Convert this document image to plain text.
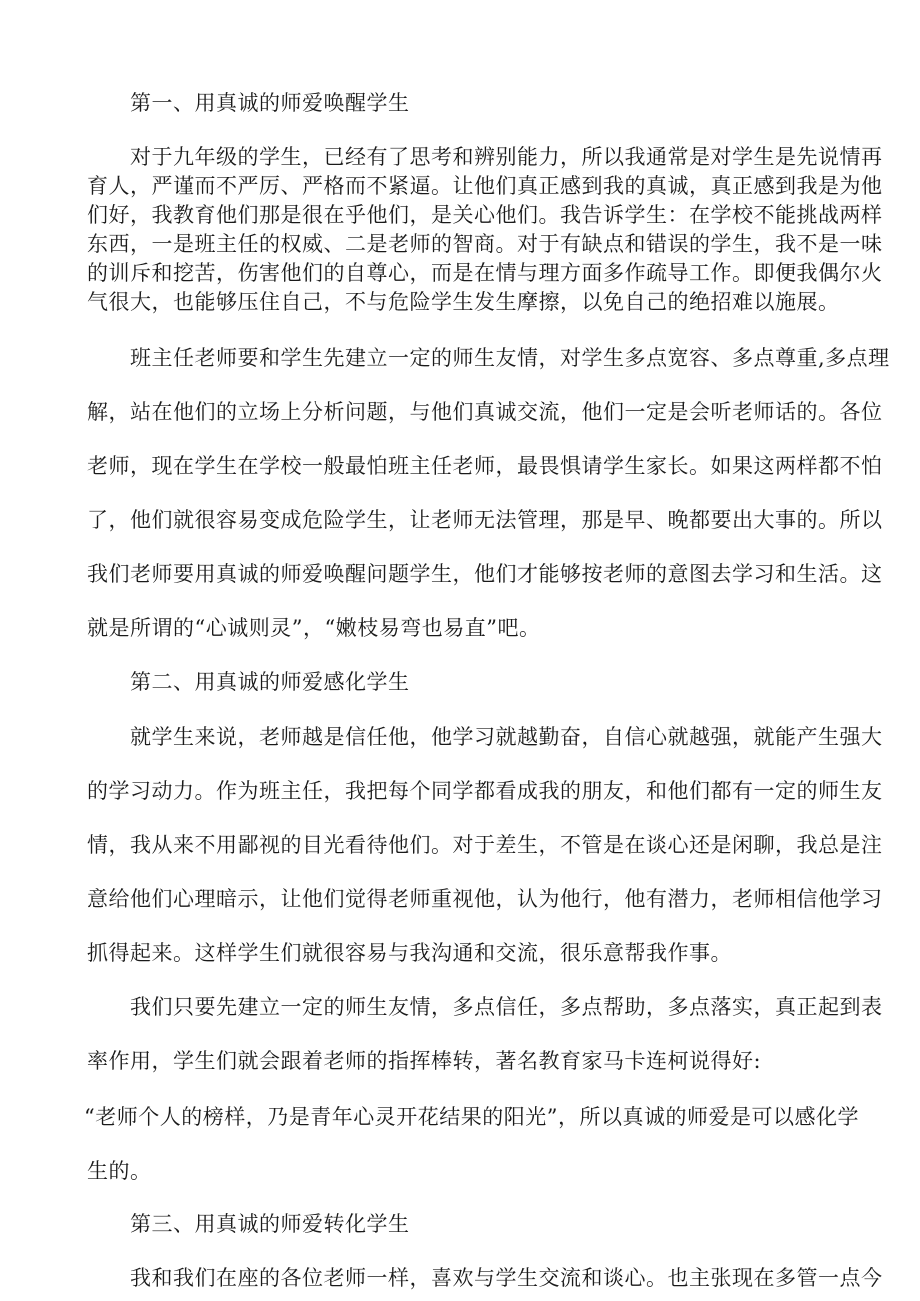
第一、用真诚的师爱唤醒学生
对于九年级的学生，已经有了思考和辨别能力，所以我通常是对学生是先说情再
育人，严谨而不严厉、严格而不紧逼。让他们真正感到我的真诚，真正感到我是为他
们好，我教育他们那是很在乎他们，是关心他们。我告诉学生：在学校不能挑战两样
东西，一是班主任的权威、二是老师的智商。对于有缺点和错误的学生，我不是一味
的训斥和挖苦，伤害他们的自尊心，而是在情与理方面多作疏导工作。即便我偶尔火
气很大，也能够压住自己，不与危险学生发生摩擦，以免自己的绝招难以施展。
班主任老师要和学生先建立一定的师生友情，对学生多点宽容、多点尊重,多点理
解，站在他们的立场上分析问题，与他们真诚交流，他们一定是会听老师话的。各位
老师，现在学生在学校一般最怕班主任老师，最畏惧请学生家长。如果这两样都不怕
了，他们就很容易变成危险学生，让老师无法管理，那是早、晚都要出大事的。所以
我们老师要用真诚的师爱唤醒问题学生，他们才能够按老师的意图去学习和生活。这
就是所谓的“心诚则灵”，“嫩枝易弯也易直”吧。
第二、用真诚的师爱感化学生
就学生来说，老师越是信任他，他学习就越勤奋，自信心就越强，就能产生强大
的学习动力。作为班主任，我把每个同学都看成我的朋友，和他们都有一定的师生友
情，我从来不用鄙视的目光看待他们。对于差生，不管是在谈心还是闲聊，我总是注
意给他们心理暗示，让他们觉得老师重视他，认为他行，他有潜力，老师相信他学习
抓得起来。这样学生们就很容易与我沟通和交流，很乐意帮我作事。
我们只要先建立一定的师生友情，多点信任，多点帮助，多点落实，真正起到表
率作用，学生们就会跟着老师的指挥棒转，著名教育家马卡连柯说得好:
“老师个人的榜样，乃是青年心灵开花结果的阳光”，所以真诚的师爱是可以感化学
生的。
第三、用真诚的师爱转化学生
我和我们在座的各位老师一样，喜欢与学生交流和谈心。也主张现在多管一点今
